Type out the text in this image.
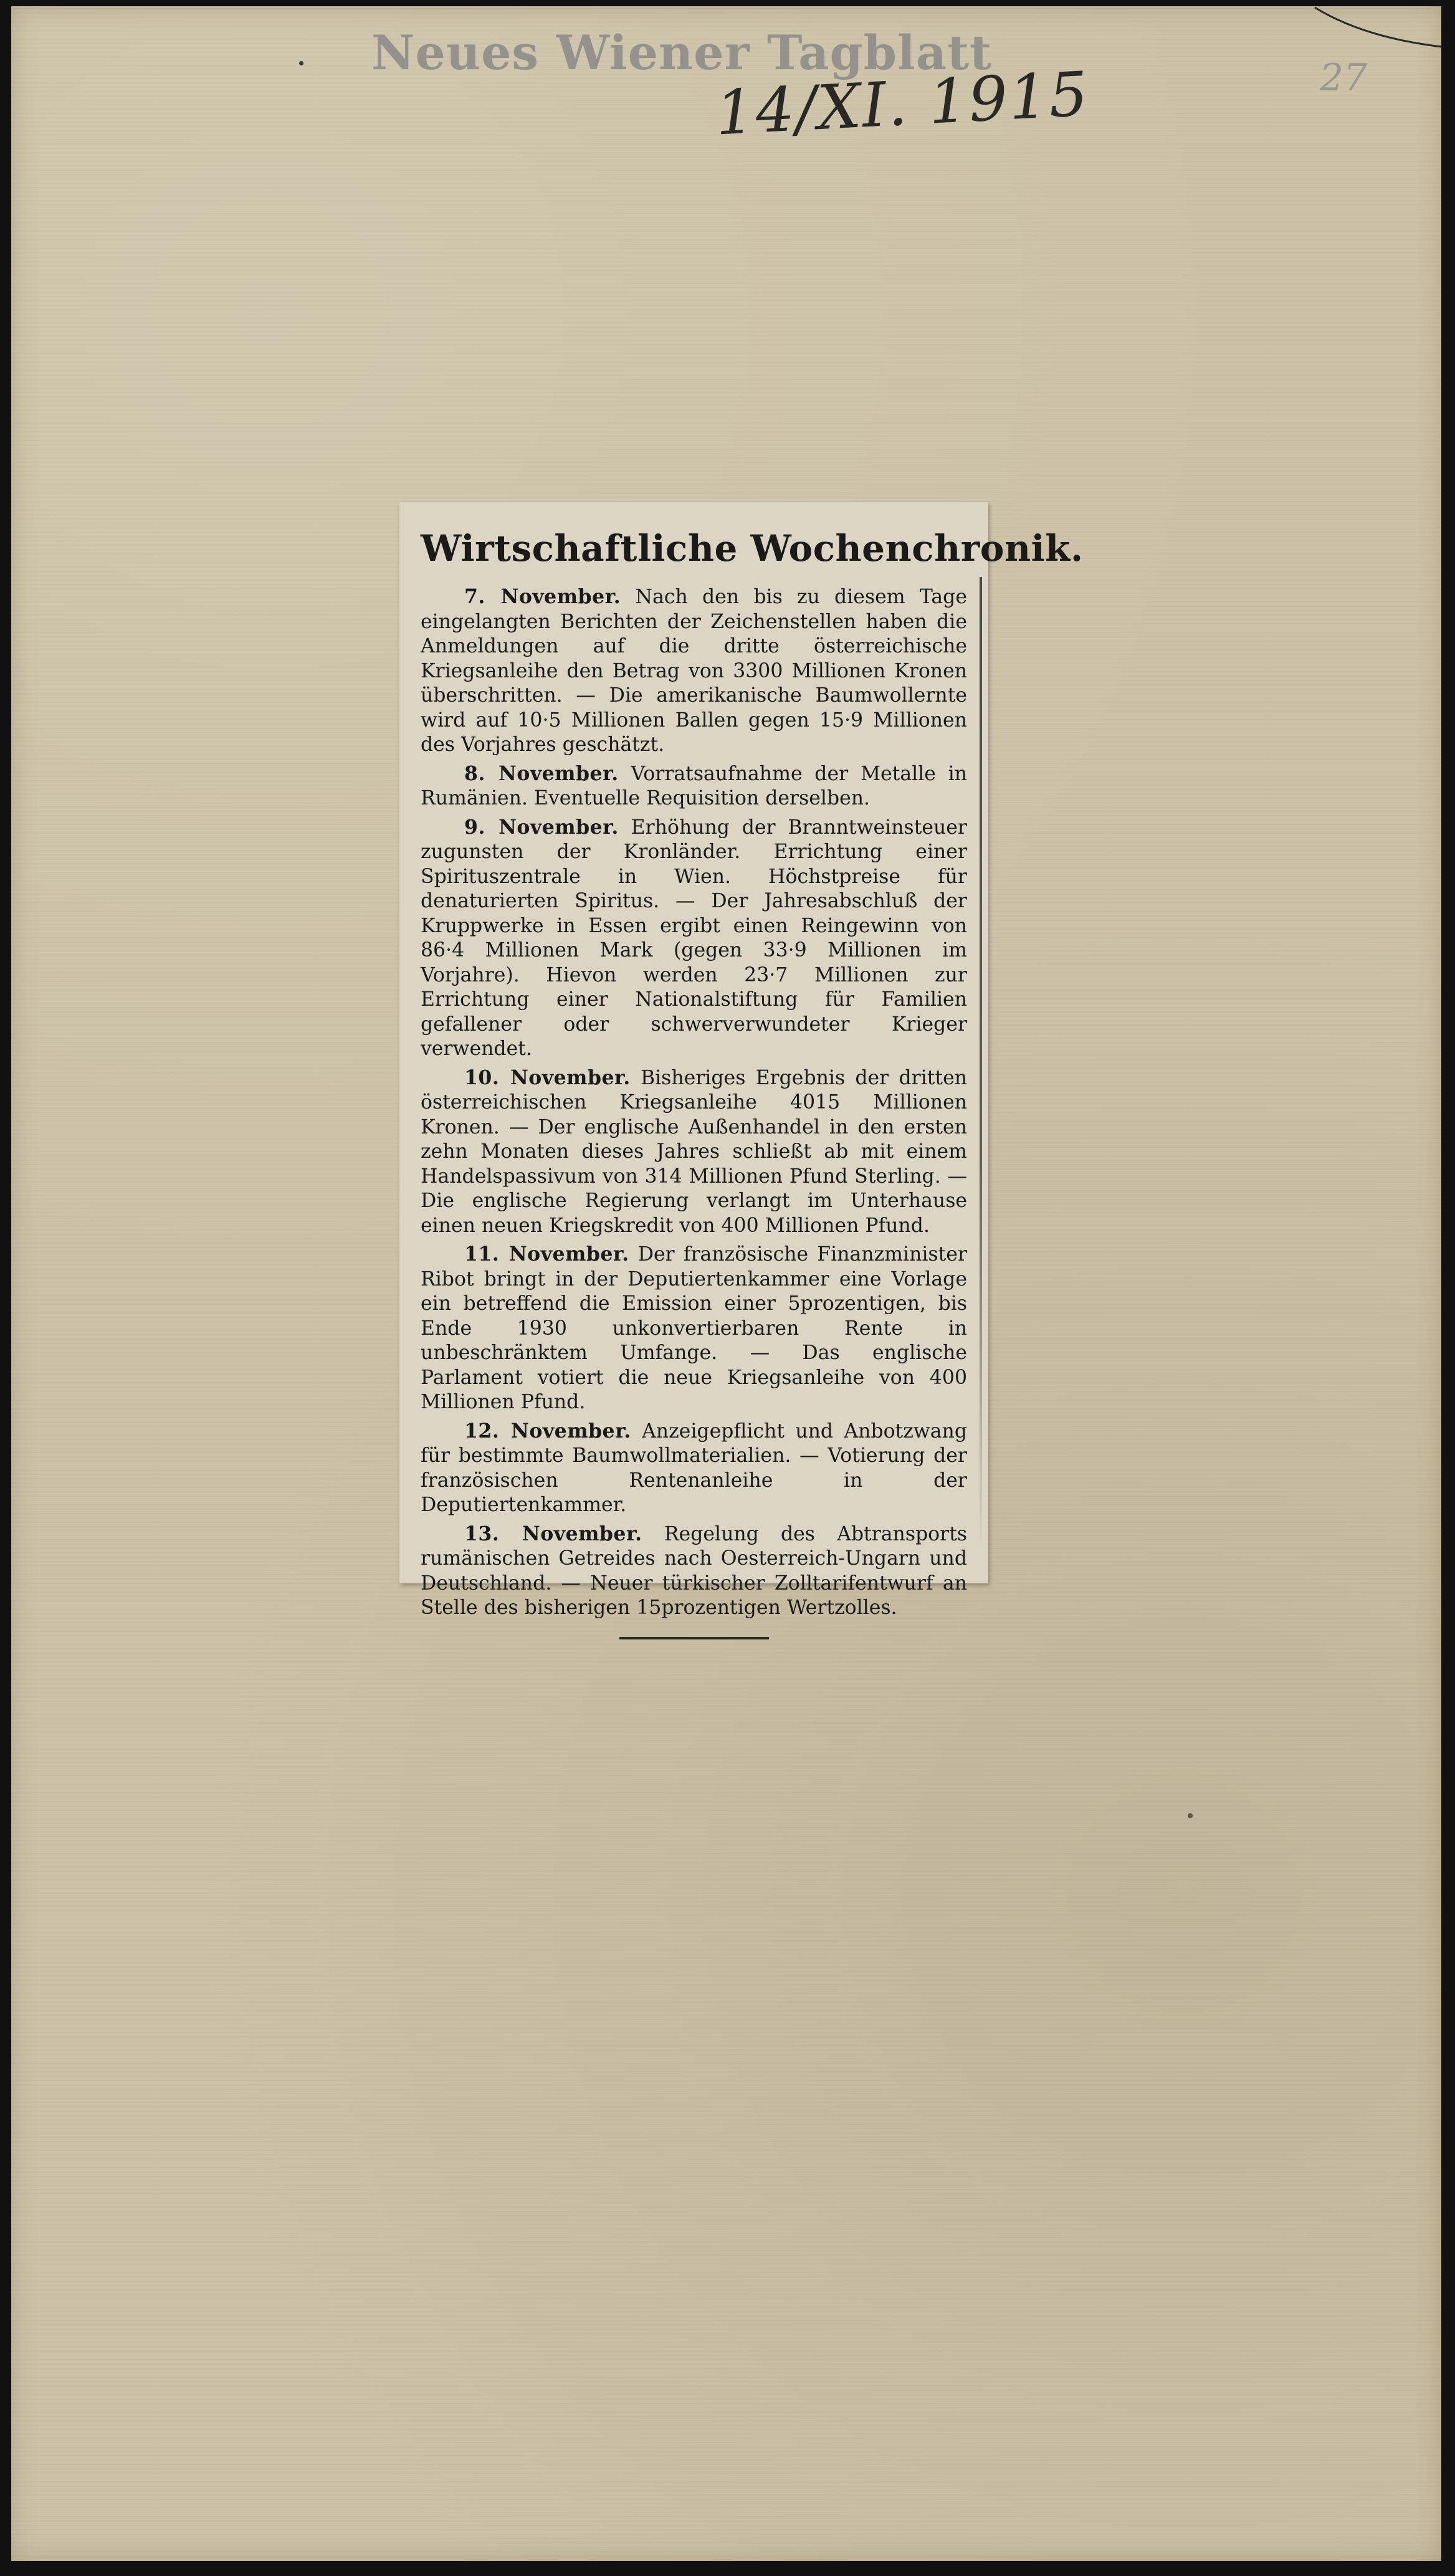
Neues Wiener Tagblatt
14/XI. 1915	27
Wirtschaftliche Wochenchronik.

7. November. Nach den bis zu diesem Tage eingelangten Berichten der Zeichenstellen haben die Anmeldungen auf die dritte österreichische Kriegsanleihe den Betrag von 3300 Millionen Kronen überschritten. — Die amerikanische Baumwollernte wird auf 10·5 Millionen Ballen gegen 15·9 Millionen des Vorjahres geschätzt.

8. November. Vorratsaufnahme der Metalle in Rumänien. Eventuelle Requisition derselben.

9. November. Erhöhung der Branntweinsteuer zugunsten der Kronländer. Errichtung einer Spirituszentrale in Wien. Höchstpreise für denaturierten Spiritus. — Der Jahresabschluß der Kruppwerke in Essen ergibt einen Reingewinn von 86·4 Millionen Mark (gegen 33·9 Millionen im Vorjahre). Hievon werden 23·7 Millionen zur Errichtung einer Nationalstiftung für Familien gefallener oder schwerverwundeter Krieger verwendet.

10. November. Bisheriges Ergebnis der dritten österreichischen Kriegsanleihe 4015 Millionen Kronen. — Der englische Außenhandel in den ersten zehn Monaten dieses Jahres schließt ab mit einem Handelspassivum von 314 Millionen Pfund Sterling. — Die englische Regierung verlangt im Unterhause einen neuen Kriegskredit von 400 Millionen Pfund.

11. November. Der französische Finanzminister Ribot bringt in der Deputiertenkammer eine Vorlage ein betreffend die Emission einer 5prozentigen, bis Ende 1930 unkonvertierbaren Rente in unbeschränktem Umfange. — Das englische Parlament votiert die neue Kriegsanleihe von 400 Millionen Pfund.

12. November. Anzeigepflicht und Anbotzwang für bestimmte Baumwollmaterialien. — Votierung der französischen Rentenanleihe in der Deputiertenkammer.

13. November. Regelung des Abtransports rumänischen Getreides nach Oesterreich-Ungarn und Deutschland. — Neuer türkischer Zolltarifentwurf an Stelle des bisherigen 15prozentigen Wertzolles.
